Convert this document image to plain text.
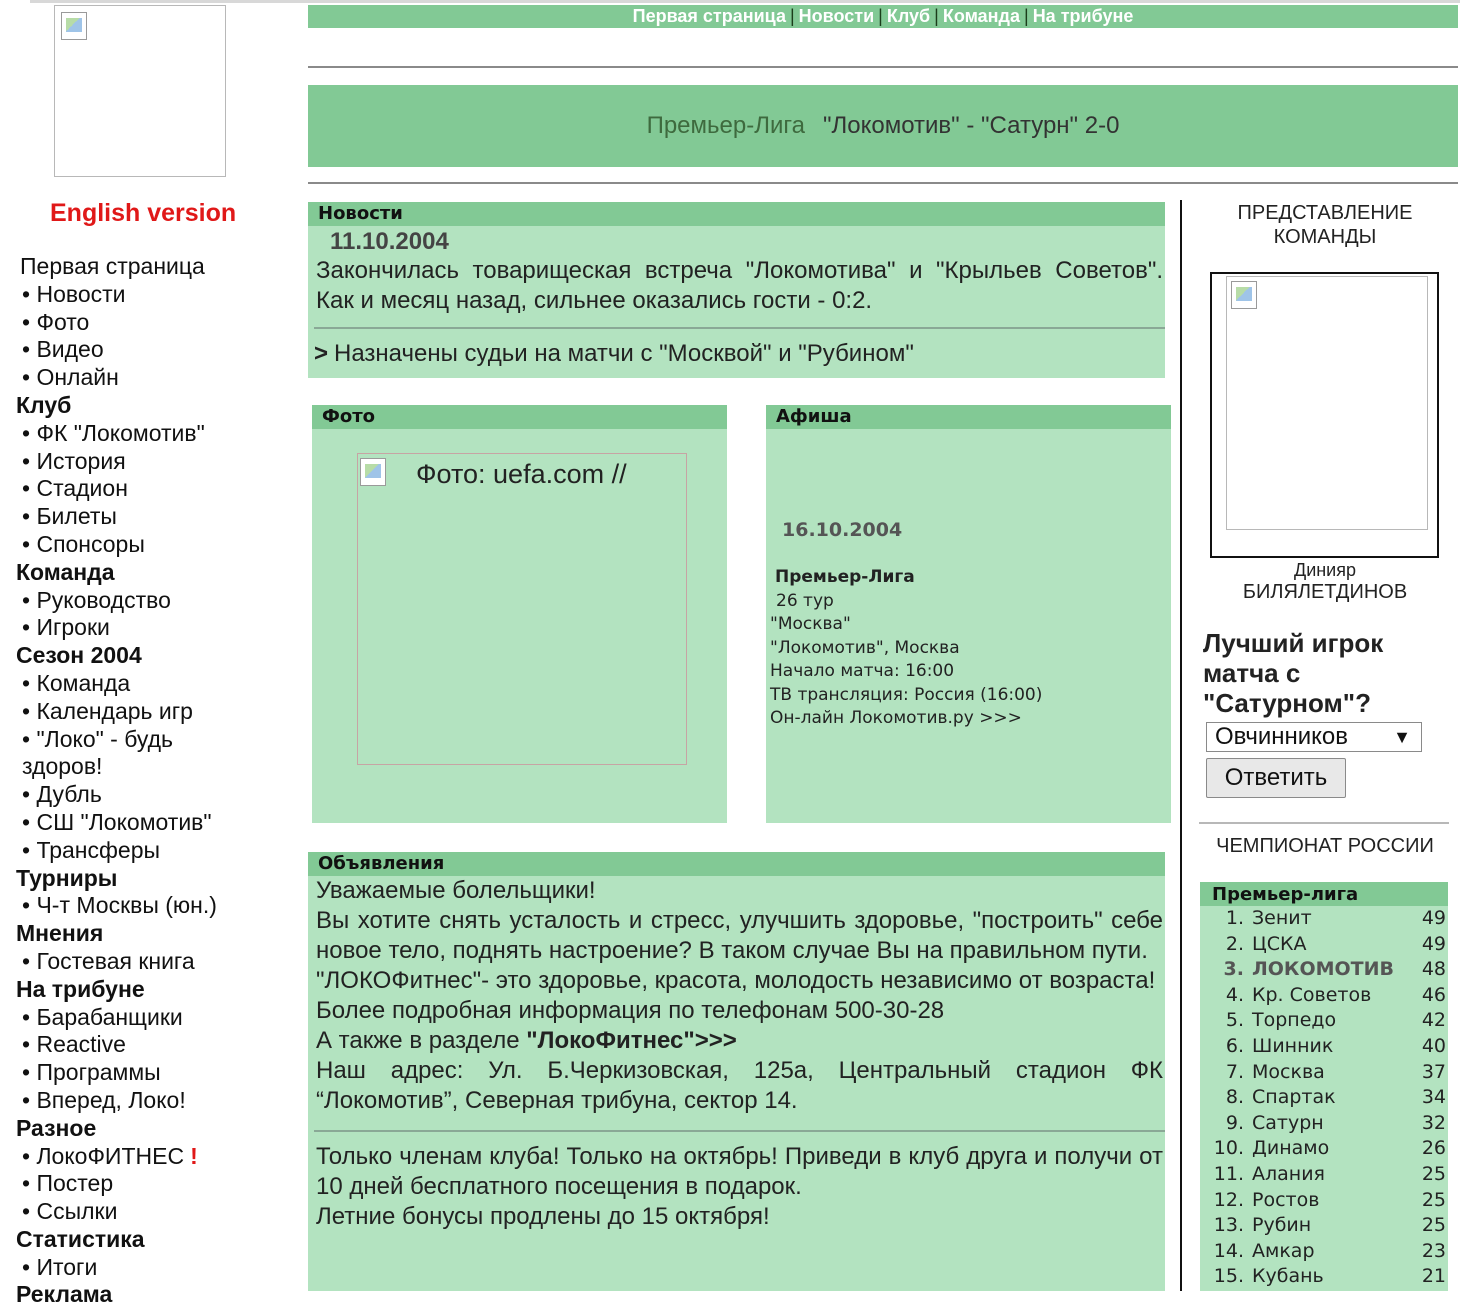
English version
Первая страница
• Новости
• Фото
• Видео
• Онлайн
Клуб
• ФК "Локомотив"
• История
• Стадион
• Билеты
• Спонсоры
Команда
• Руководство
• Игроки
Сезон 2004
• Команда
• Календарь игр
• "Локо" - будь здоров!
• Дубль
• СШ "Локомотив"
• Трансферы
Турниры
• Ч-т Москвы (юн.)
Мнения
• Гостевая книга
На трибуне
• Барабанщики
• Reactive
• Программы
• Вперед, Локо!
Разное
• ЛокоФИТНЕС !
• Постер
• Ссылки
Статистика
• Итоги
Реклама
Первая страница | Новости | Клуб | Команда | На трибуне
Премьер-Лига "Локомотив" - "Сатурн" 2-0
Новости
11.10.2004
Закончилась товарищеская встреча "Локомотива" и "Крыльев Советов". Как и месяц назад, сильнее оказались гости - 0:2.
> Назначены судьи на матчи с "Москвой" и "Рубином"
Фото
Фото: uefa.com //
Афиша
16.10.2004
Премьер-Лига
26 тур
"Москва"
"Локомотив", Москва
Начало матча: 16:00
ТВ трансляция: Россия (16:00)
Он-лайн Локомотив.ру >>>
Объявления
Уважаемые болельщики!
Вы хотите снять усталость и стресс, улучшить здоровье, "построить" себе новое тело, поднять настроение? В таком случае Вы на правильном пути.
"ЛОКОФитнес"- это здоровье, красота, молодость независимо от возраста!
Более подробная информация по телефонам 500-30-28
А также в разделе "ЛокоФитнес">>>
Наш адрес: Ул. Б.Черкизовская, 125а, Центральный стадион ФК “Локомотив”, Северная трибуна, сектор 14.
Только членам клуба! Только на октябрь! Приведи в клуб друга и получи от 10 дней бесплатного посещения в подарок.
Летние бонусы продлены до 15 октября!
ПРЕДСТАВЛЕНИЕ КОМАНДЫ
Динияр
БИЛЯЛЕТДИНОВ
Лучший игрок матча с "Сатурном"?
Овчинников	▼
Ответить
ЧЕМПИОНАТ РОССИИ
Премьер-лига
1. Зенит	49
2. ЦСКА	49
3. ЛОКОМОТИВ 48
4. Кр. Советов	46
5. Торпедо	42
6. Шинник	40
7. Москва	37
8. Спартак	34
9. Сатурн	32
10. Динамо	26
11. Алания	25
12. Ростов	25
13. Рубин	25
14. Амкар	23
15. Кубань	21
